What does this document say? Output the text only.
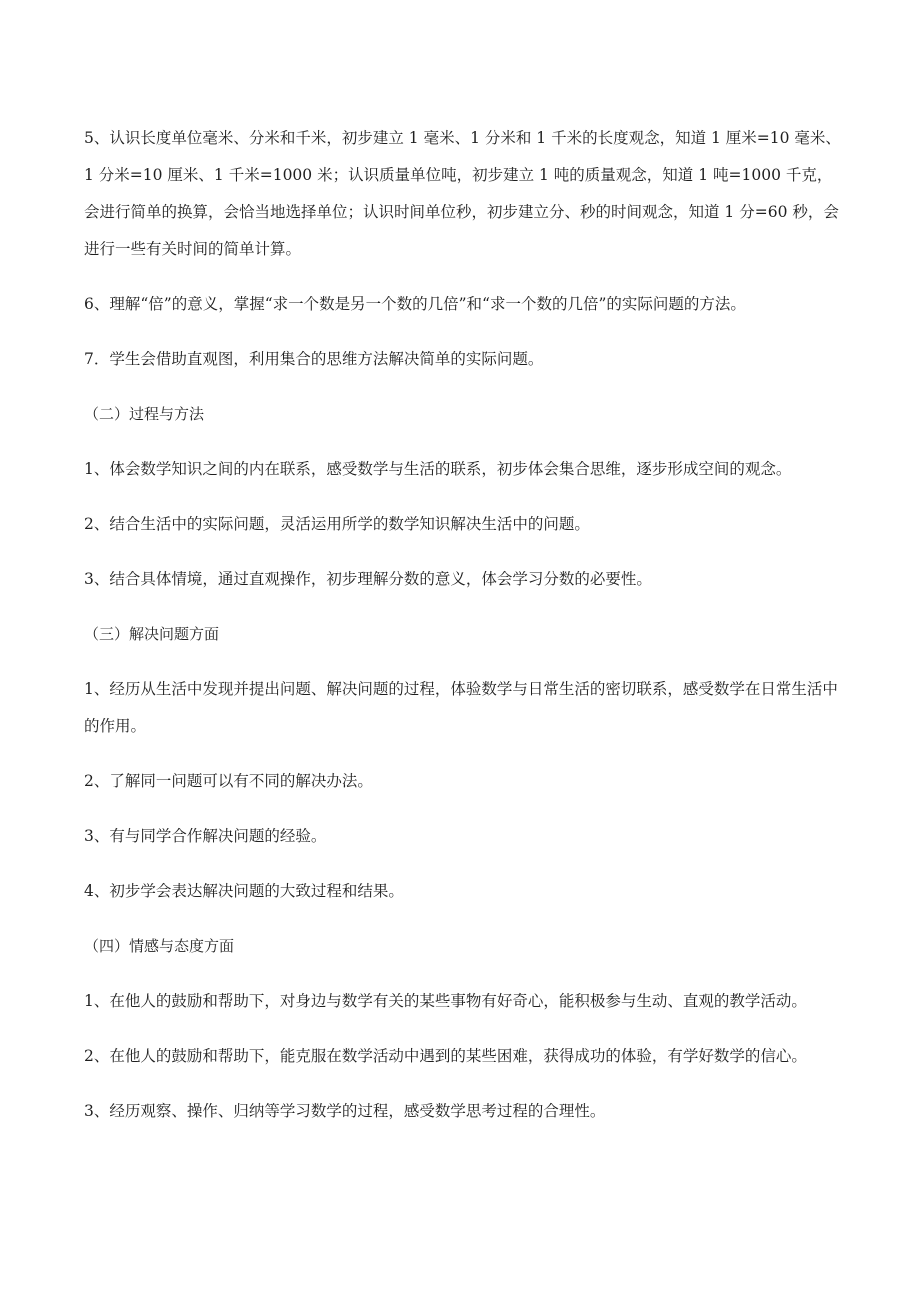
5、认识长度单位毫米、分米和千米，初步建立 1 毫米、1 分米和 1 千米的长度观念，知道 1 厘米=10 毫米、1 分米=10 厘米、1 千米=1000 米；认识质量单位吨，初步建立 1 吨的质量观念，知道 1 吨=1000 千克，会进行简单的换算，会恰当地选择单位；认识时间单位秒，初步建立分、秒的时间观念，知道 1 分=60 秒，会进行一些有关时间的简单计算。

6、理解“倍”的意义，掌握“求一个数是另一个数的几倍”和“求一个数的几倍”的实际问题的方法。

7．学生会借助直观图，利用集合的思维方法解决简单的实际问题。

（二）过程与方法

1、体会数学知识之间的内在联系，感受数学与生活的联系，初步体会集合思维，逐步形成空间的观念。

2、结合生活中的实际问题，灵活运用所学的数学知识解决生活中的问题。

3、结合具体情境，通过直观操作，初步理解分数的意义，体会学习分数的必要性。

（三）解决问题方面

1、经历从生活中发现并提出问题、解决问题的过程，体验数学与日常生活的密切联系，感受数学在日常生活中的作用。

2、了解同一问题可以有不同的解决办法。

3、有与同学合作解决问题的经验。

4、初步学会表达解决问题的大致过程和结果。

（四）情感与态度方面

1、在他人的鼓励和帮助下，对身边与数学有关的某些事物有好奇心，能积极参与生动、直观的教学活动。

2、在他人的鼓励和帮助下，能克服在数学活动中遇到的某些困难，获得成功的体验，有学好数学的信心。

3、经历观察、操作、归纳等学习数学的过程，感受数学思考过程的合理性。
